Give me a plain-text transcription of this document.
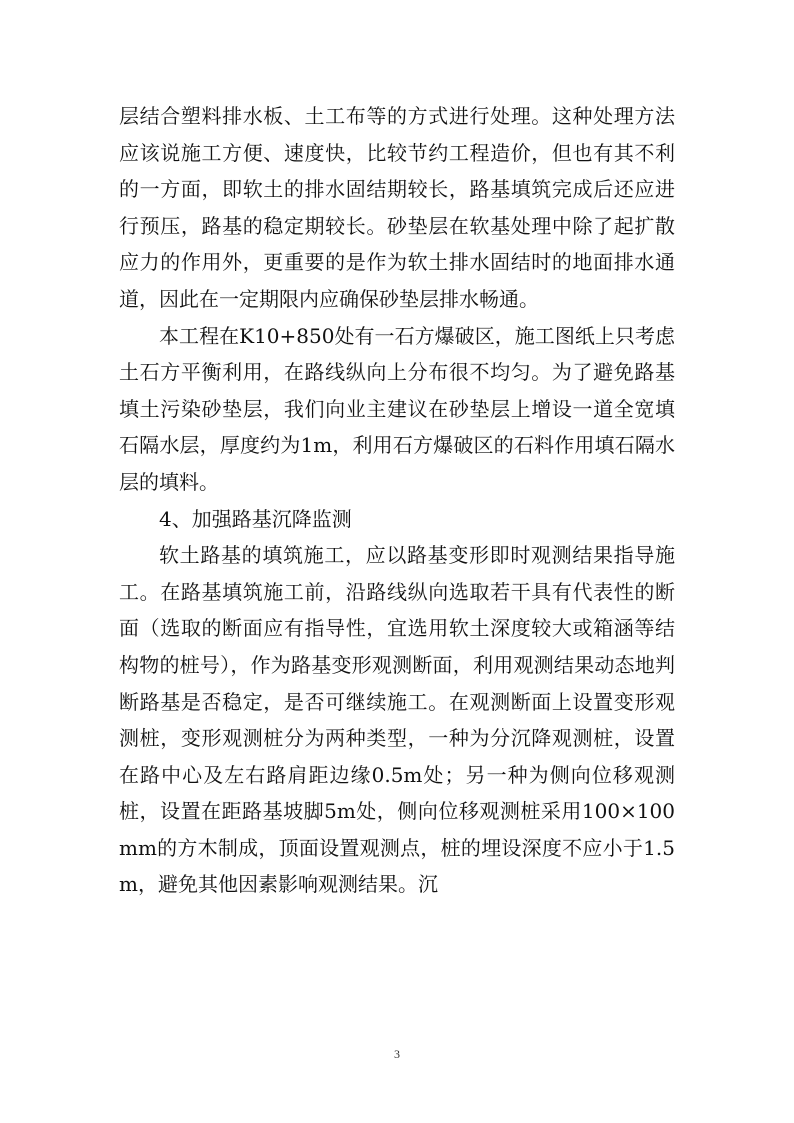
层结合塑料排水板、土工布等的方式进行处理。这种处理方法应该说施工方便、速度快，比较节约工程造价，但也有其不利的一方面，即软土的排水固结期较长，路基填筑完成后还应进行预压，路基的稳定期较长。砂垫层在软基处理中除了起扩散应力的作用外，更重要的是作为软土排水固结时的地面排水通道，因此在一定期限内应确保砂垫层排水畅通。

本工程在K10+850处有一石方爆破区，施工图纸上只考虑土石方平衡利用，在路线纵向上分布很不均匀。为了避免路基填土污染砂垫层，我们向业主建议在砂垫层上增设一道全宽填石隔水层，厚度约为1m，利用石方爆破区的石料作用填石隔水层的填料。

4、加强路基沉降监测

软土路基的填筑施工，应以路基变形即时观测结果指导施工。在路基填筑施工前，沿路线纵向选取若干具有代表性的断面（选取的断面应有指导性，宜选用软土深度较大或箱涵等结构物的桩号），作为路基变形观测断面，利用观测结果动态地判断路基是否稳定，是否可继续施工。在观测断面上设置变形观测桩，变形观测桩分为两种类型，一种为分沉降观测桩，设置在路中心及左右路肩距边缘0.5m处；另一种为侧向位移观测桩，设置在距路基坡脚5m处，侧向位移观测桩采用100×100mm的方木制成，顶面设置观测点，桩的埋设深度不应小于1.5m，避免其他因素影响观测结果。沉

3
